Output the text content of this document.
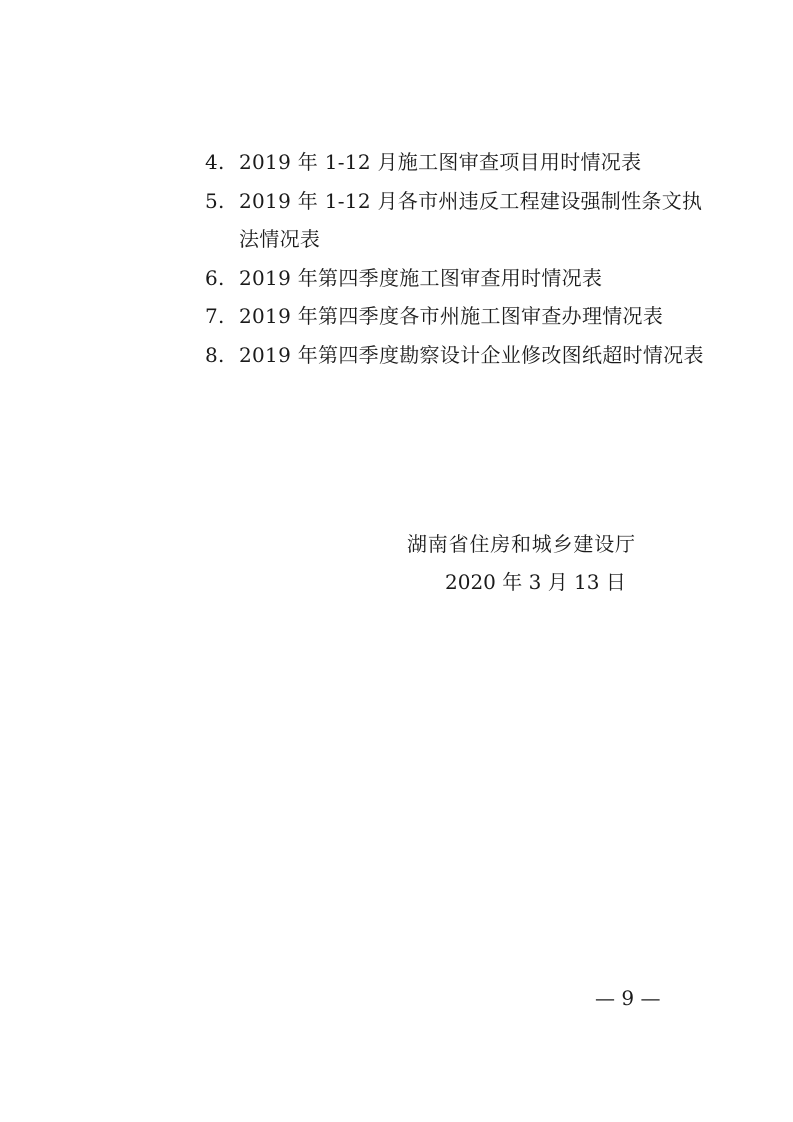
4. 2019 年 1-12 月施工图审查项目用时情况表
5. 2019 年 1-12 月各市州违反工程建设强制性条文执法情况表
6. 2019 年第四季度施工图审查用时情况表
7. 2019 年第四季度各市州施工图审查办理情况表
8. 2019 年第四季度勘察设计企业修改图纸超时情况表
湖南省住房和城乡建设厅
2020 年 3 月 13 日
— 9 —
